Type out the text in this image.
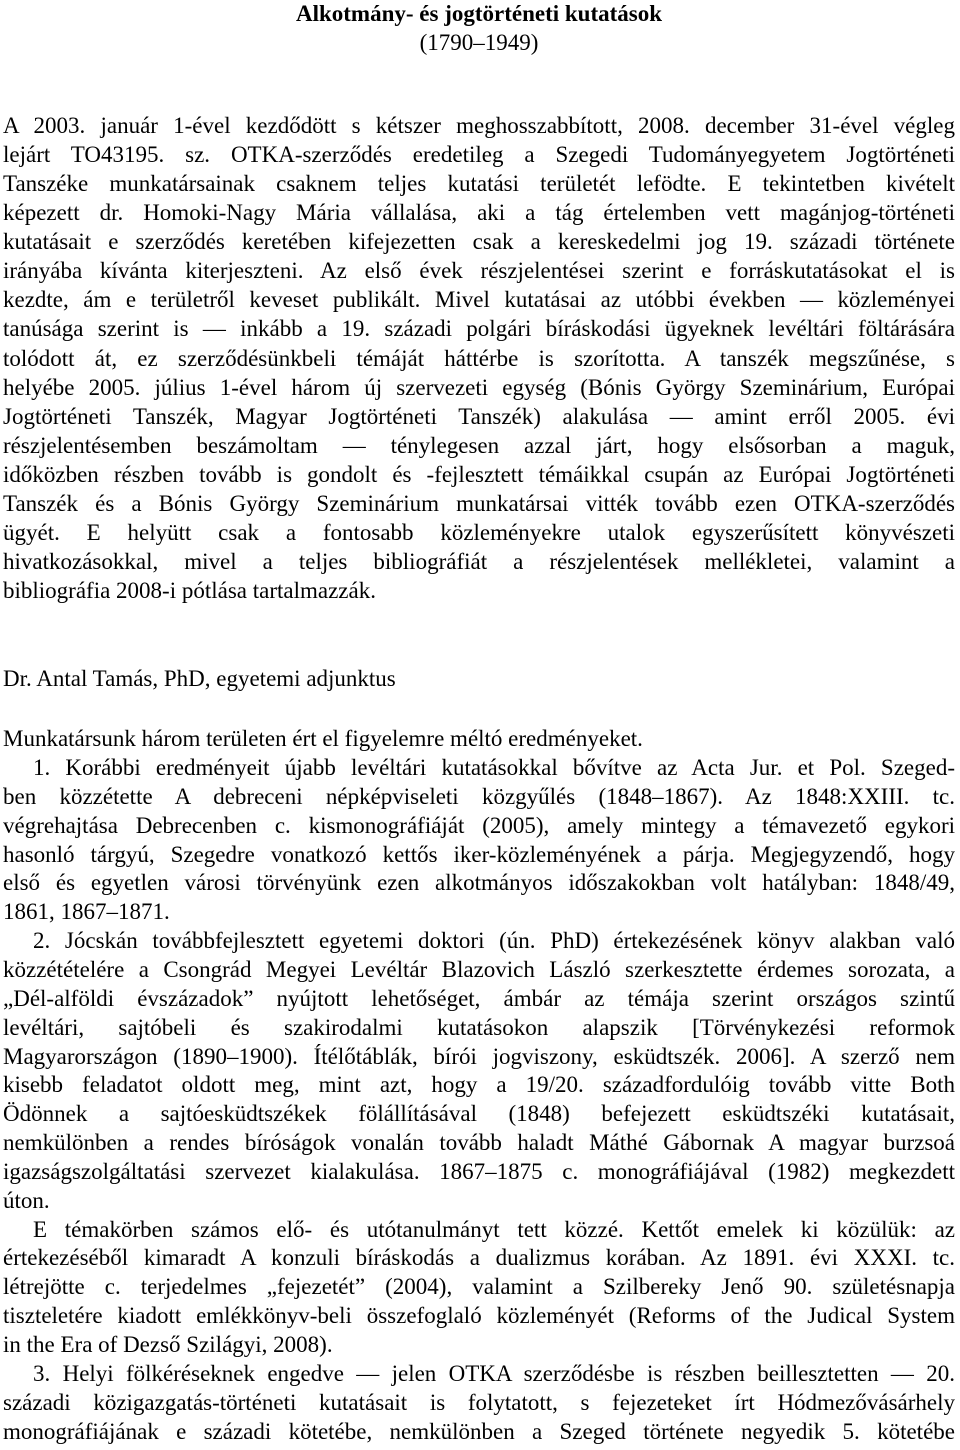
Alkotmány- és jogtörténeti kutatások
(1790–1949)
A 2003. január 1-ével kezdődött s kétszer meghosszabbított, 2008. december 31-ével végleg
lejárt TO43195. sz. OTKA-szerződés eredetileg a Szegedi Tudományegyetem Jogtörténeti
Tanszéke munkatársainak csaknem teljes kutatási területét lefödte. E tekintetben kivételt
képezett dr. Homoki-Nagy Mária vállalása, aki a tág értelemben vett magánjog-történeti
kutatásait e szerződés keretében kifejezetten csak a kereskedelmi jog 19. századi története
irányába kívánta kiterjeszteni. Az első évek részjelentései szerint e forráskutatásokat el is
kezdte, ám e területről keveset publikált. Mivel kutatásai az utóbbi években — közleményei
tanúsága szerint is — inkább a 19. századi polgári bíráskodási ügyeknek levéltári föltárására
tolódott át, ez szerződésünkbeli témáját háttérbe is szorította. A tanszék megszűnése, s
helyébe 2005. július 1-ével három új szervezeti egység (Bónis György Szeminárium, Európai
Jogtörténeti Tanszék, Magyar Jogtörténeti Tanszék) alakulása — amint erről 2005. évi
részjelentésemben beszámoltam — ténylegesen azzal járt, hogy elsősorban a maguk,
időközben részben tovább is gondolt és -fejlesztett témáikkal csupán az Európai Jogtörténeti
Tanszék és a Bónis György Szeminárium munkatársai vitték tovább ezen OTKA-szerződés
ügyét. E helyütt csak a fontosabb közleményekre utalok egyszerűsített könyvészeti
hivatkozásokkal, mivel a teljes bibliográfiát a részjelentések mellékletei, valamint a
bibliográfia 2008-i pótlása tartalmazzák.
Dr. Antal Tamás, PhD, egyetemi adjunktus
Munkatársunk három területen ért el figyelemre méltó eredményeket.
1. Korábbi eredményeit újabb levéltári kutatásokkal bővítve az Acta Jur. et Pol. Szeged-
ben közzétette A debreceni népképviseleti közgyűlés (1848–1867). Az 1848:XXIII. tc.
végrehajtása Debrecenben c. kismonográfiáját (2005), amely mintegy a témavezető egykori
hasonló tárgyú, Szegedre vonatkozó kettős iker-közleményének a párja. Megjegyzendő, hogy
első és egyetlen városi törvényünk ezen alkotmányos időszakokban volt hatályban: 1848/49,
1861, 1867–1871.
2. Jócskán továbbfejlesztett egyetemi doktori (ún. PhD) értekezésének könyv alakban való
közzétételére a Csongrád Megyei Levéltár Blazovich László szerkesztette érdemes sorozata, a
„Dél-alföldi évszázadok” nyújtott lehetőséget, ámbár az témája szerint országos szintű
levéltári, sajtóbeli és szakirodalmi kutatásokon alapszik [Törvénykezési reformok
Magyarországon (1890–1900). Ítélőtáblák, bírói jogviszony, esküdtszék. 2006]. A szerző nem
kisebb feladatot oldott meg, mint azt, hogy a 19/20. századfordulóig tovább vitte Both
Ödönnek a sajtóesküdtszékek fölállításával (1848) befejezett esküdtszéki kutatásait,
nemkülönben a rendes bíróságok vonalán tovább haladt Máthé Gábornak A magyar burzsoá
igazságszolgáltatási szervezet kialakulása. 1867–1875 c. monográfiájával (1982) megkezdett
úton.
E témakörben számos elő- és utótanulmányt tett közzé. Kettőt emelek ki közülük: az
értekezéséből kimaradt A konzuli bíráskodás a dualizmus korában. Az 1891. évi XXXI. tc.
létrejötte c. terjedelmes „fejezetét” (2004), valamint a Szilbereky Jenő 90. születésnapja
tiszteletére kiadott emlékkönyv-beli összefoglaló közleményét (Reforms of the Judical System
in the Era of Dezső Szilágyi, 2008).
3. Helyi fölkéréseknek engedve — jelen OTKA szerződésbe is részben beillesztetten — 20.
századi közigazgatás-történeti kutatásait is folytatott, s fejezeteket írt Hódmezővásárhely
monográfiájának e századi kötetébe, nemkülönben a Szeged története negyedik 5. kötetébe
